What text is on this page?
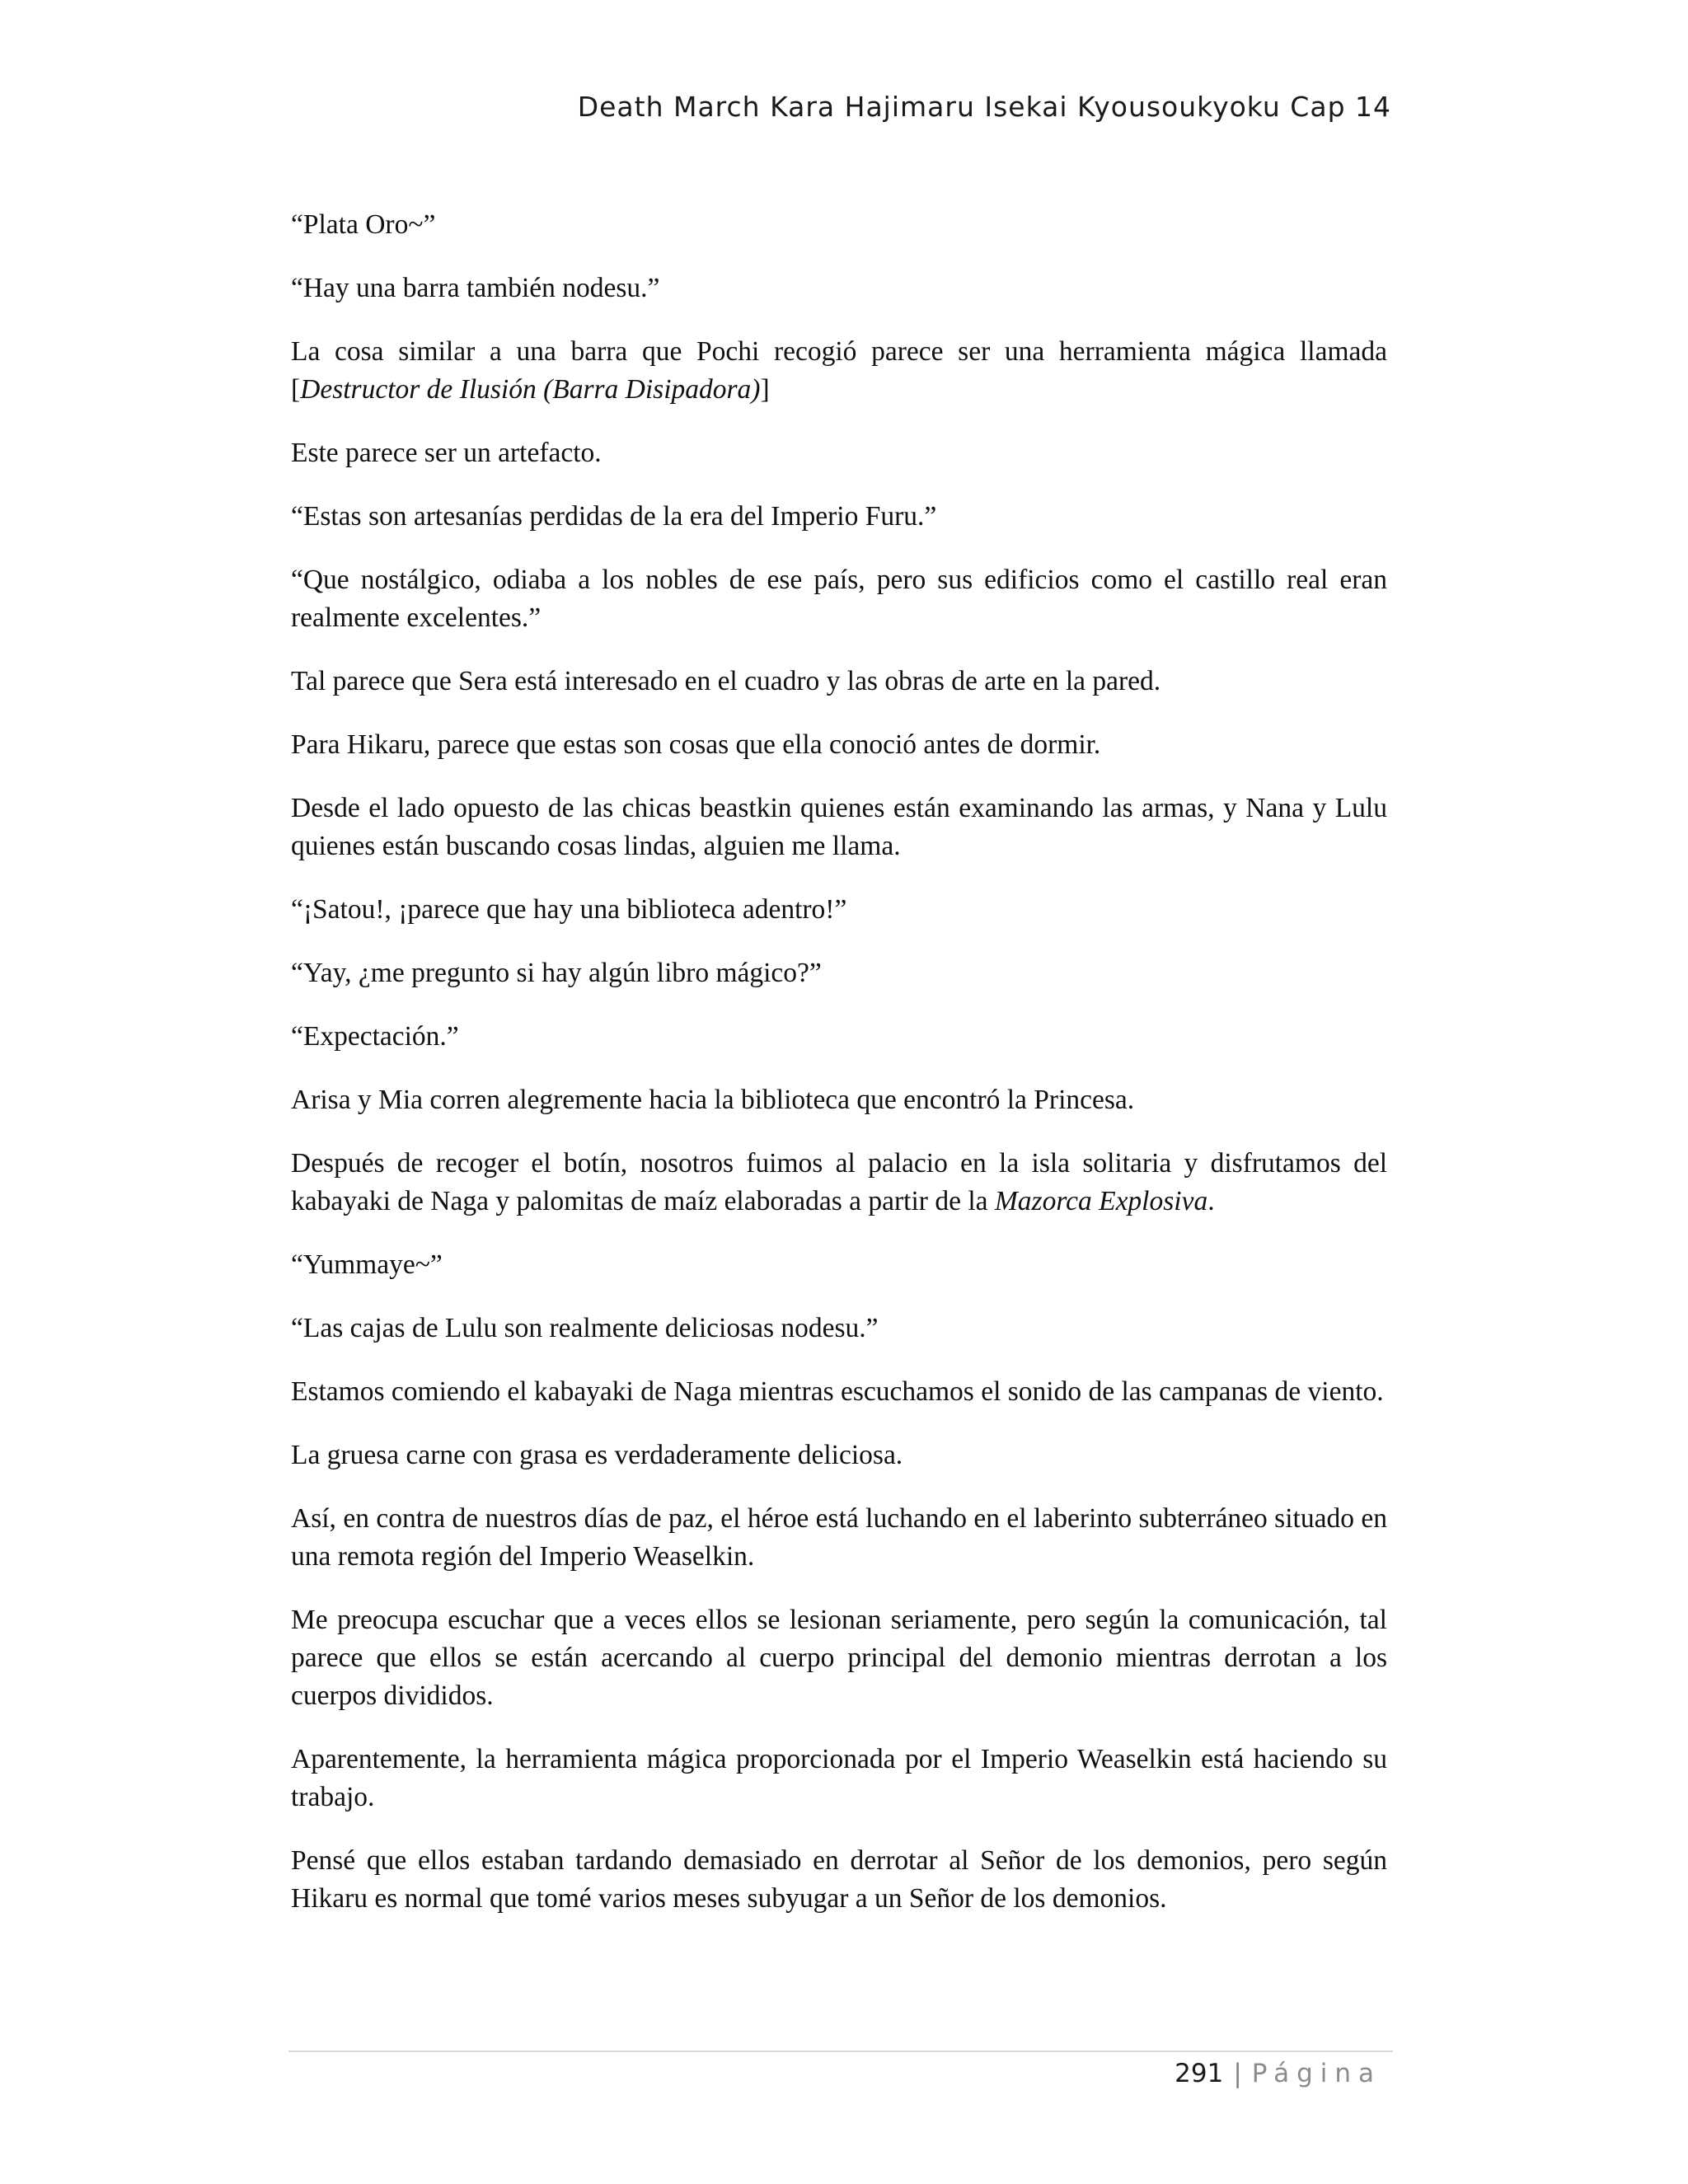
Death March Kara Hajimaru Isekai Kyousoukyoku Cap 14

“Plata Oro~”

“Hay una barra también nodesu.”

La cosa similar a una barra que Pochi recogió parece ser una herramienta mágica llamada [Destructor de Ilusión (Barra Disipadora)]

Este parece ser un artefacto.

“Estas son artesanías perdidas de la era del Imperio Furu.”

“Que nostálgico, odiaba a los nobles de ese país, pero sus edificios como el castillo real eran realmente excelentes.”

Tal parece que Sera está interesado en el cuadro y las obras de arte en la pared.

Para Hikaru, parece que estas son cosas que ella conoció antes de dormir.

Desde el lado opuesto de las chicas beastkin quienes están examinando las armas, y Nana y Lulu quienes están buscando cosas lindas, alguien me llama.

“¡Satou!, ¡parece que hay una biblioteca adentro!”

“Yay, ¿me pregunto si hay algún libro mágico?”

“Expectación.”

Arisa y Mia corren alegremente hacia la biblioteca que encontró la Princesa.

Después de recoger el botín, nosotros fuimos al palacio en la isla solitaria y disfrutamos del kabayaki de Naga y palomitas de maíz elaboradas a partir de la Mazorca Explosiva.

“Yummaye~”

“Las cajas de Lulu son realmente deliciosas nodesu.”

Estamos comiendo el kabayaki de Naga mientras escuchamos el sonido de las campanas de viento.

La gruesa carne con grasa es verdaderamente deliciosa.

Así, en contra de nuestros días de paz, el héroe está luchando en el laberinto subterráneo situado en una remota región del Imperio Weaselkin.

Me preocupa escuchar que a veces ellos se lesionan seriamente, pero según la comunicación, tal parece que ellos se están acercando al cuerpo principal del demonio mientras derrotan a los cuerpos divididos.

Aparentemente, la herramienta mágica proporcionada por el Imperio Weaselkin está haciendo su trabajo.

Pensé que ellos estaban tardando demasiado en derrotar al Señor de los demonios, pero según Hikaru es normal que tomé varios meses subyugar a un Señor de los demonios.

291 | Página
